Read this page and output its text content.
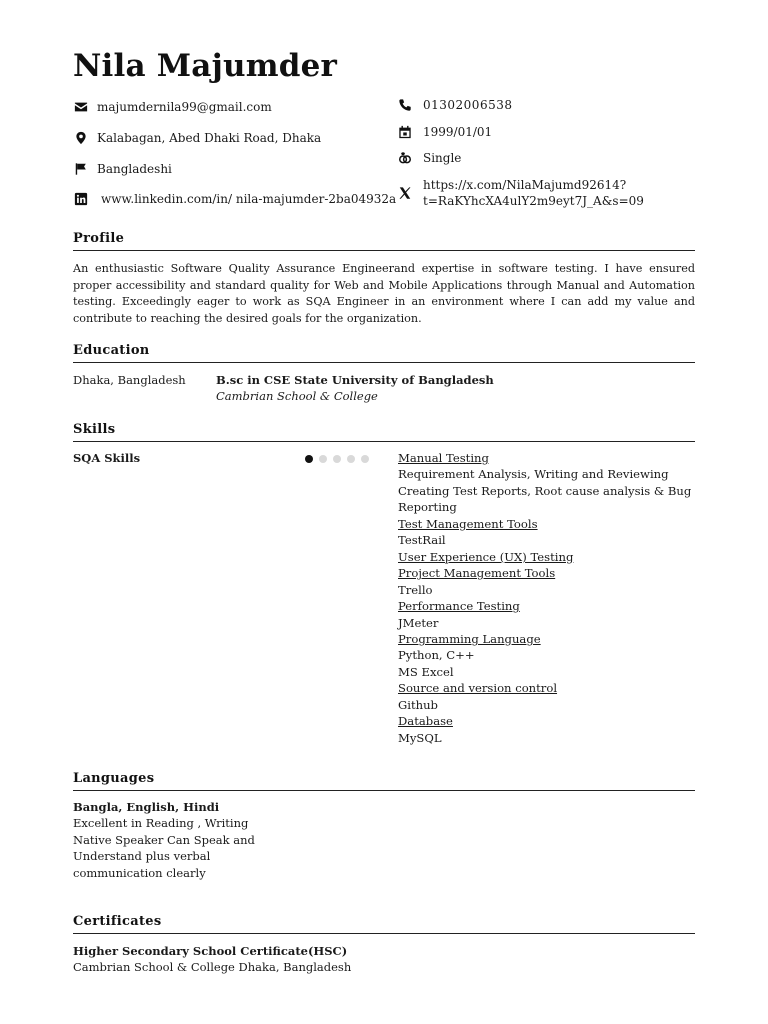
Nila Majumder
majumdernila99@gmail.com
Kalabagan, Abed Dhaki Road, Dhaka
Bangladeshi
www.linkedin.com/in/ nila-majumder-2ba04932a
01302006538
1999/01/01
Single
https://x.com/NilaMajumd92614?
t=RaKYhcXA4ulY2m9eyt7J_A&s=09
Profile
An enthusiastic Software Quality Assurance Engineerand expertise in software testing. I have ensured proper accessibility and standard quality for Web and Mobile Applications through Manual and Automation testing. Exceedingly eager to work as SQA Engineer in an environment where I can add my value and contribute to reaching the desired goals for the organization.
Education
Dhaka, Bangladesh	B.sc in CSE State University of Bangladesh
Cambrian School & College
Skills
SQA Skills	Manual Testing
Requirement Analysis, Writing and Reviewing
Creating Test Reports, Root cause analysis & Bug
Reporting
Test Management Tools
TestRail
User Experience (UX) Testing
Project Management Tools
Trello
Performance Testing
JMeter
Programming Language
Python, C++
MS Excel
Source and version control
Github
Database
MySQL
Languages
Bangla, English, Hindi
Excellent in Reading , Writing
Native Speaker Can Speak and
Understand plus verbal
communication clearly
Certificates
Higher Secondary School Certificate(HSC)
Cambrian School & College Dhaka, Bangladesh
